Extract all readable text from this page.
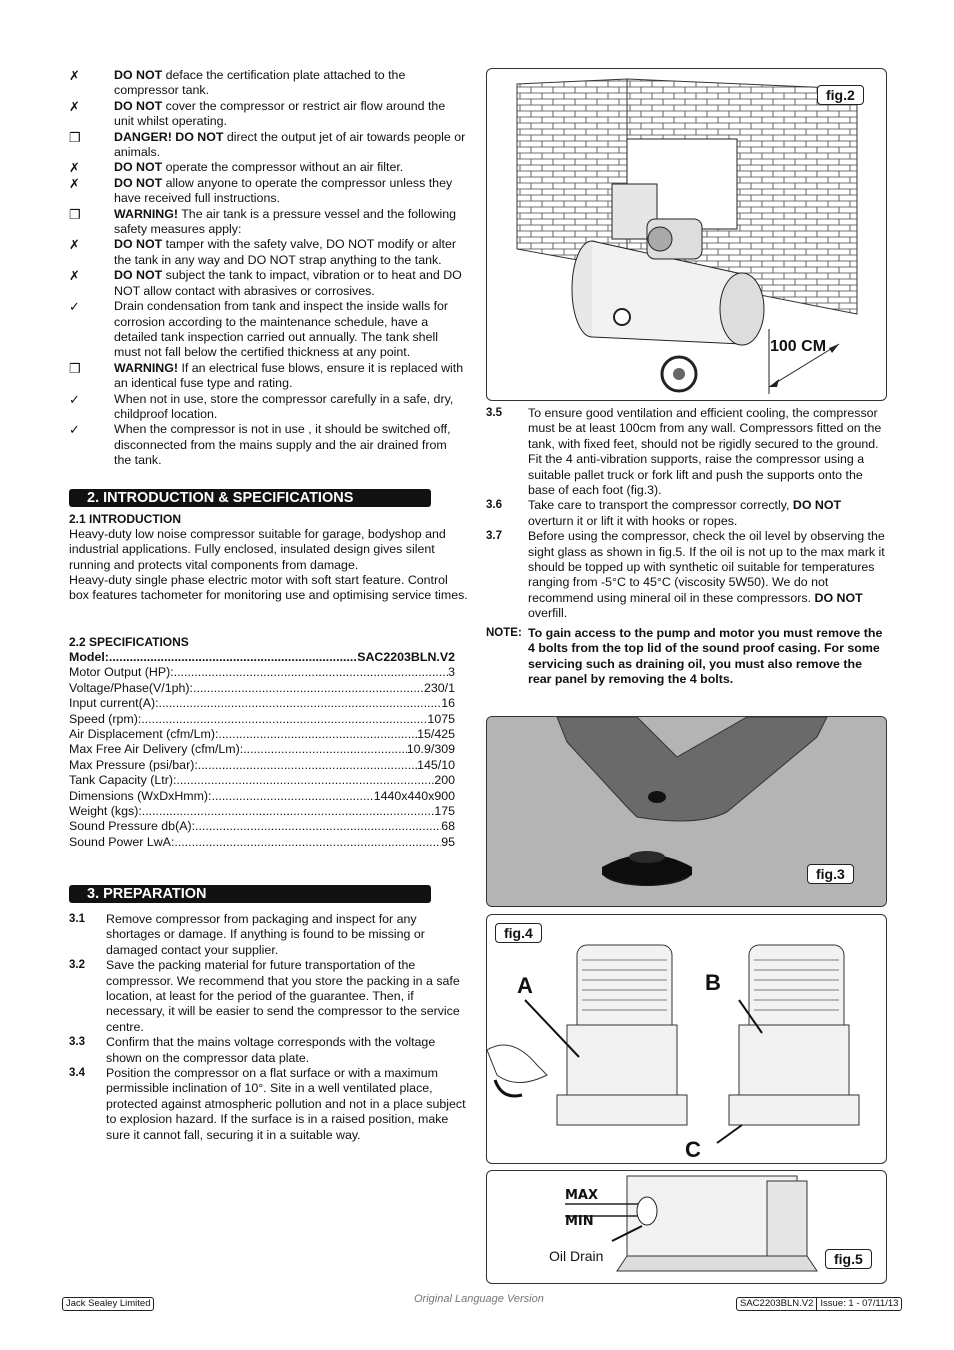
✗	DO NOT deface the certification plate attached to the compressor tank.
✗	DO NOT cover the compressor or restrict air flow around the unit whilst operating.
❒	DANGER! DO NOT direct the output jet of air towards people or animals.
✗	DO NOT operate the compressor without an air filter.
✗	DO NOT allow anyone to operate the compressor unless they have received full instructions.
❒	WARNING! The air tank is a pressure vessel and the following safety measures apply:
✗	DO NOT tamper with the safety valve, DO NOT modify or alter the tank in any way and DO NOT strap anything to the tank.
✗	DO NOT subject the tank to impact, vibration or to heat and DO NOT allow contact with abrasives or corrosives.
✓	Drain condensation from tank and inspect the inside walls for corrosion according to the maintenance schedule, have a detailed tank inspection carried out annually. The tank shell must not fall below the certified thickness at any point.
❒	WARNING! If an electrical fuse blows, ensure it is replaced with an identical fuse type and rating.
✓	When not in use, store the compressor carefully in a safe, dry, childproof location.
✓	When the compressor is not in use , it should be switched off, disconnected from the mains supply and the air drained from the tank.
2. INTRODUCTION & SPECIFICATIONS
2.1 INTRODUCTION
Heavy-duty low noise compressor suitable for garage, bodyshop and industrial applications. Fully enclosed, insulated design gives silent running and protects vital components from damage.
Heavy-duty single phase electric motor with soft start feature. Control box features tachometer for monitoring use and optimising service times.
2.2 SPECIFICATIONS
Model: .....	SAC2203BLN.V2
Motor Output (HP): .....	3
Voltage/Phase(V/1ph): .....	230/1
Input current(A): .....	16
Speed (rpm): .....	1075
Air Displacement (cfm/Lm): .....	15/425
Max Free Air Delivery (cfm/Lm): .....	10.9/309
Max Pressure (psi/bar): .....	145/10
Tank Capacity (Ltr): .....	200
Dimensions (WxDxHmm): .....	1440x440x900
Weight (kgs): .....	175
Sound Pressure db(A): .....	68
Sound Power LwA: .....	95
3. PREPARATION
3.1	Remove compressor from packaging and inspect for any shortages or damage. If anything is found to be missing or damaged contact your supplier.
3.2	Save the packing material for future transportation of the compressor. We recommend that you store the packing in a safe location, at least for the period of the guarantee. Then, if necessary, it will be easier to send the compressor to the service centre.
3.3	Confirm that the mains voltage corresponds with the voltage shown on the compressor data plate.
3.4	Position the compressor on a flat surface or with a maximum permissible inclination of 10°. Site in a well ventilated place, protected against atmospheric pollution and not in a place subject to explosion hazard. If the surface is in a raised position, make sure it cannot fall, securing it in a suitable way.
fig.2
100 CM
3.5	To ensure good ventilation and efficient cooling, the compressor must be at least 100cm from any wall. Compressors fitted on the tank, with fixed feet, should not be rigidly secured to the ground. Fit the 4 anti-vibration supports, raise the compressor using a suitable pallet truck or fork lift and push the supports onto the base of each foot (fig.3).
3.6	Take care to transport the compressor correctly, DO NOT overturn it or lift it with hooks or ropes.
3.7	Before using the compressor, check the oil level by observing the sight glass as shown in fig.5. If the oil is not up to the max mark it should be topped up with synthetic oil suitable for temperatures ranging from -5°C to 45°C (viscosity 5W50). We do not recommend using mineral oil in these compressors. DO NOT overfill.
NOTE: To gain access to the pump and motor you must remove the 4 bolts from the top lid of the sound proof casing. For some servicing such as draining oil, you must also remove the rear panel by removing the 4 bolts.
fig.3
fig.4
A	B
C
MAX
MIN
Oil Drain	fig.5
Jack Sealey Limited	Original Language Version	SAC2203BLN.V2 Issue: 1 - 07/11/13
